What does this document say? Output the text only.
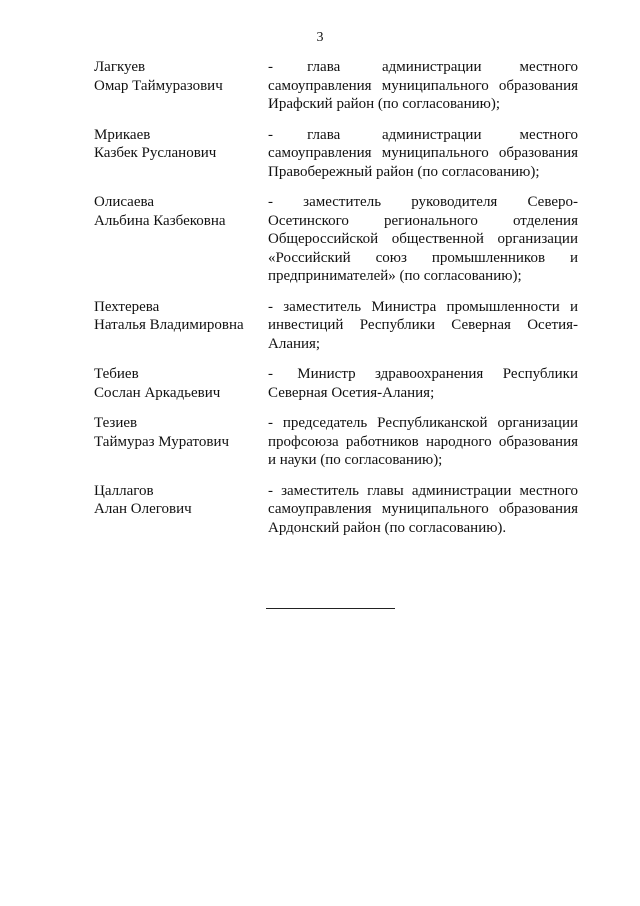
3
Лагкуев
Омар Таймуразович
-         глава           администрации          местного самоуправления муниципального образования Ирафский район (по согласованию);
Мрикаев
Казбек Русланович
-         глава           администрации          местного самоуправления муниципального образования Правобережный район (по согласованию);
Олисаева
Альбина Казбековна
-       заместитель       руководителя       Северо-Осетинского регионального отделения Общероссийской общественной организации «Российский союз промышленников и предпринимателей» (по согласованию);
Пехтерева
Наталья Владимировна
- заместитель Министра промышленности и инвестиций Республики Северная Осетия-Алания;
Тебиев
Сослан Аркадьевич
-     Министр    здравоохранения    Республики Северная Осетия-Алания;
Тезиев
Таймураз Муратович
- председатель Республиканской организации профсоюза работников народного образования и науки (по согласованию);
Цаллагов
Алан Олегович
- заместитель главы администрации местного самоуправления муниципального образования Ардонский район (по согласованию).
